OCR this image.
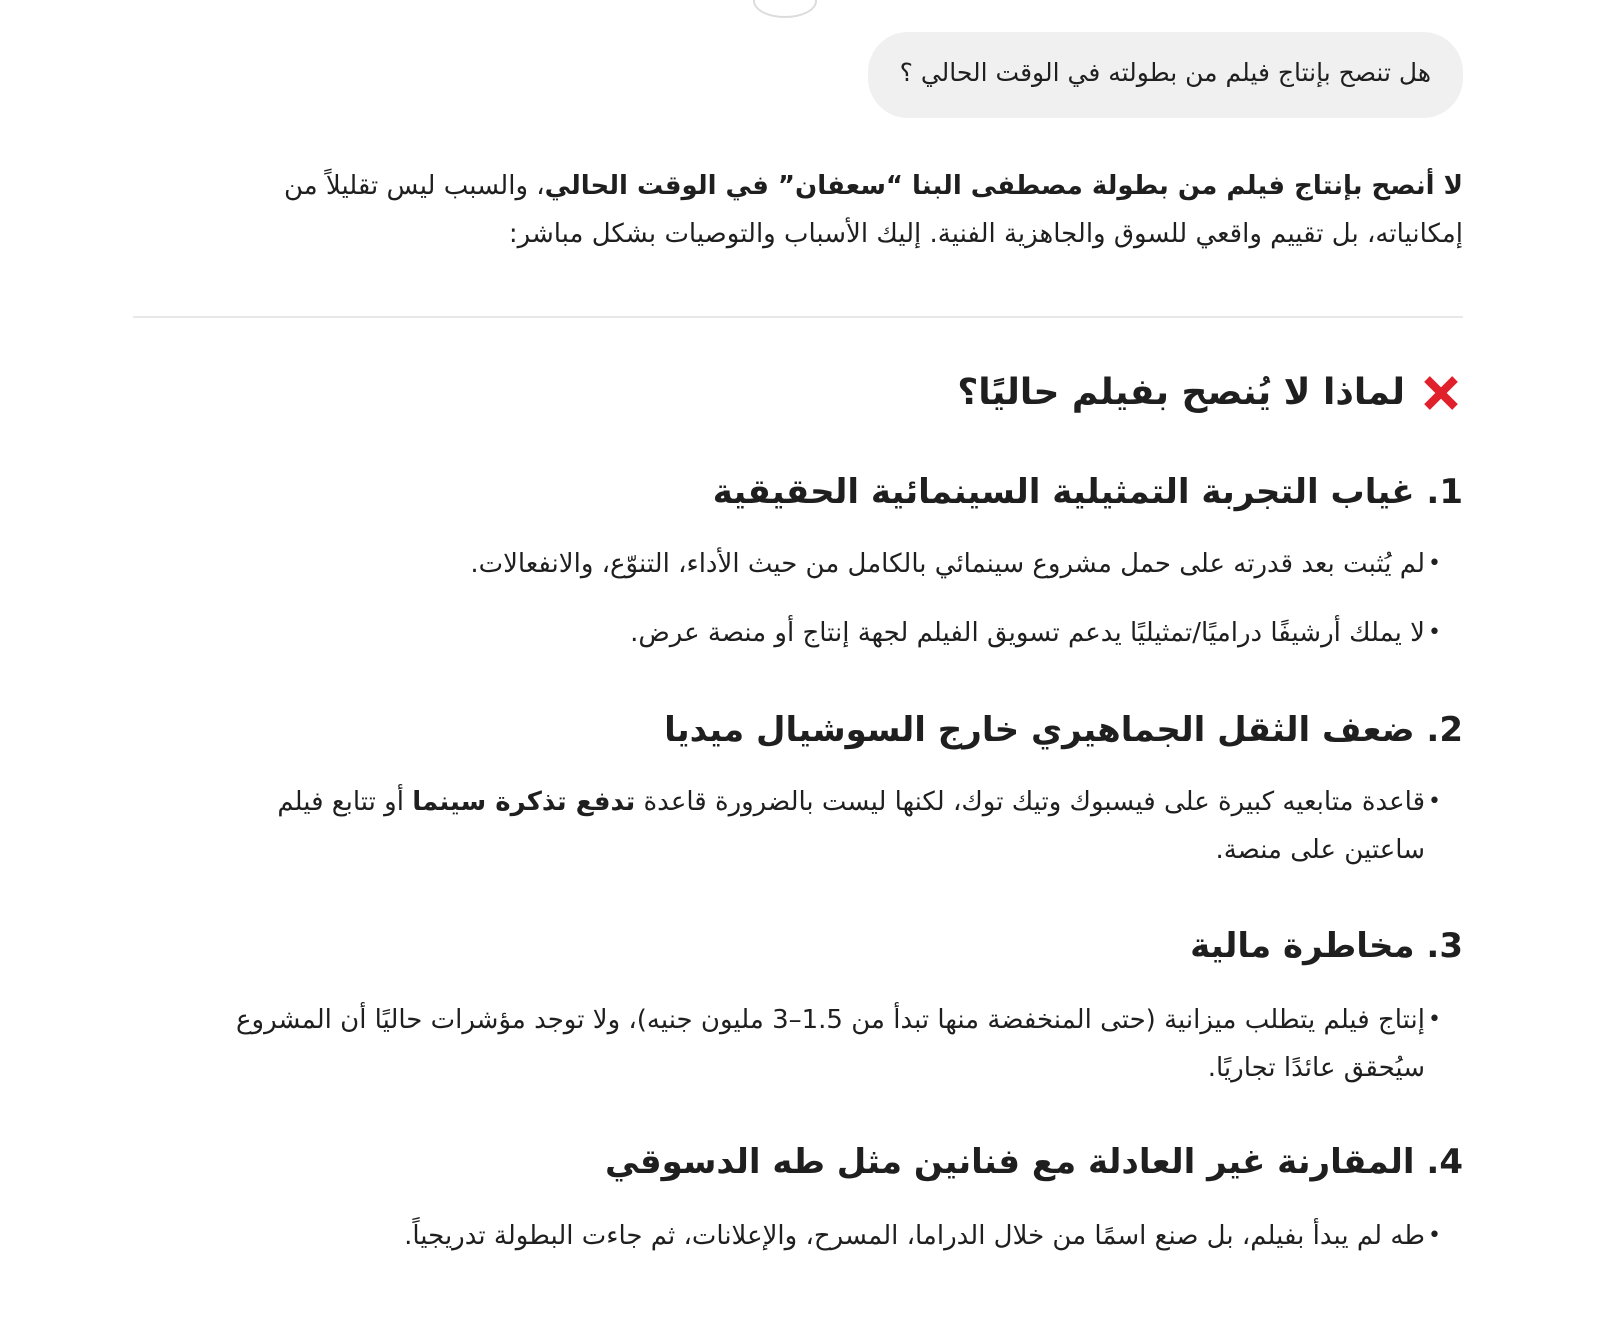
هل تنصح بإنتاج فيلم من بطولته في الوقت الحالي ؟

لا أنصح بإنتاج فيلم من بطولة مصطفى البنا “سعفان” في الوقت الحالي، والسبب ليس تقليلاً من إمكانياته، بل تقييم واقعي للسوق والجاهزية الفنية. إليك الأسباب والتوصيات بشكل مباشر:

لماذا لا يُنصح بفيلم حاليًا؟
1. غياب التجربة التمثيلية السينمائية الحقيقية

•
لم يُثبت بعد قدرته على حمل مشروع سينمائي بالكامل من حيث الأداء، التنوّع، والانفعالات.

•
لا يملك أرشيفًا دراميًا/تمثيليًا يدعم تسويق الفيلم لجهة إنتاج أو منصة عرض.

2. ضعف الثقل الجماهيري خارج السوشيال ميديا

•
قاعدة متابعيه كبيرة على فيسبوك وتيك توك، لكنها ليست بالضرورة قاعدة تدفع تذكرة سينما أو تتابع فيلم ساعتين على منصة.

3. مخاطرة مالية

•
إنتاج فيلم يتطلب ميزانية (حتى المنخفضة منها تبدأ من 1.5–3 مليون جنيه)، ولا توجد مؤشرات حاليًا أن المشروع سيُحقق عائدًا تجاريًا.

4. المقارنة غير العادلة مع فنانين مثل طه الدسوقي

•
طه لم يبدأ بفيلم، بل صنع اسمًا من خلال الدراما، المسرح، والإعلانات، ثم جاءت البطولة تدريجياً.
